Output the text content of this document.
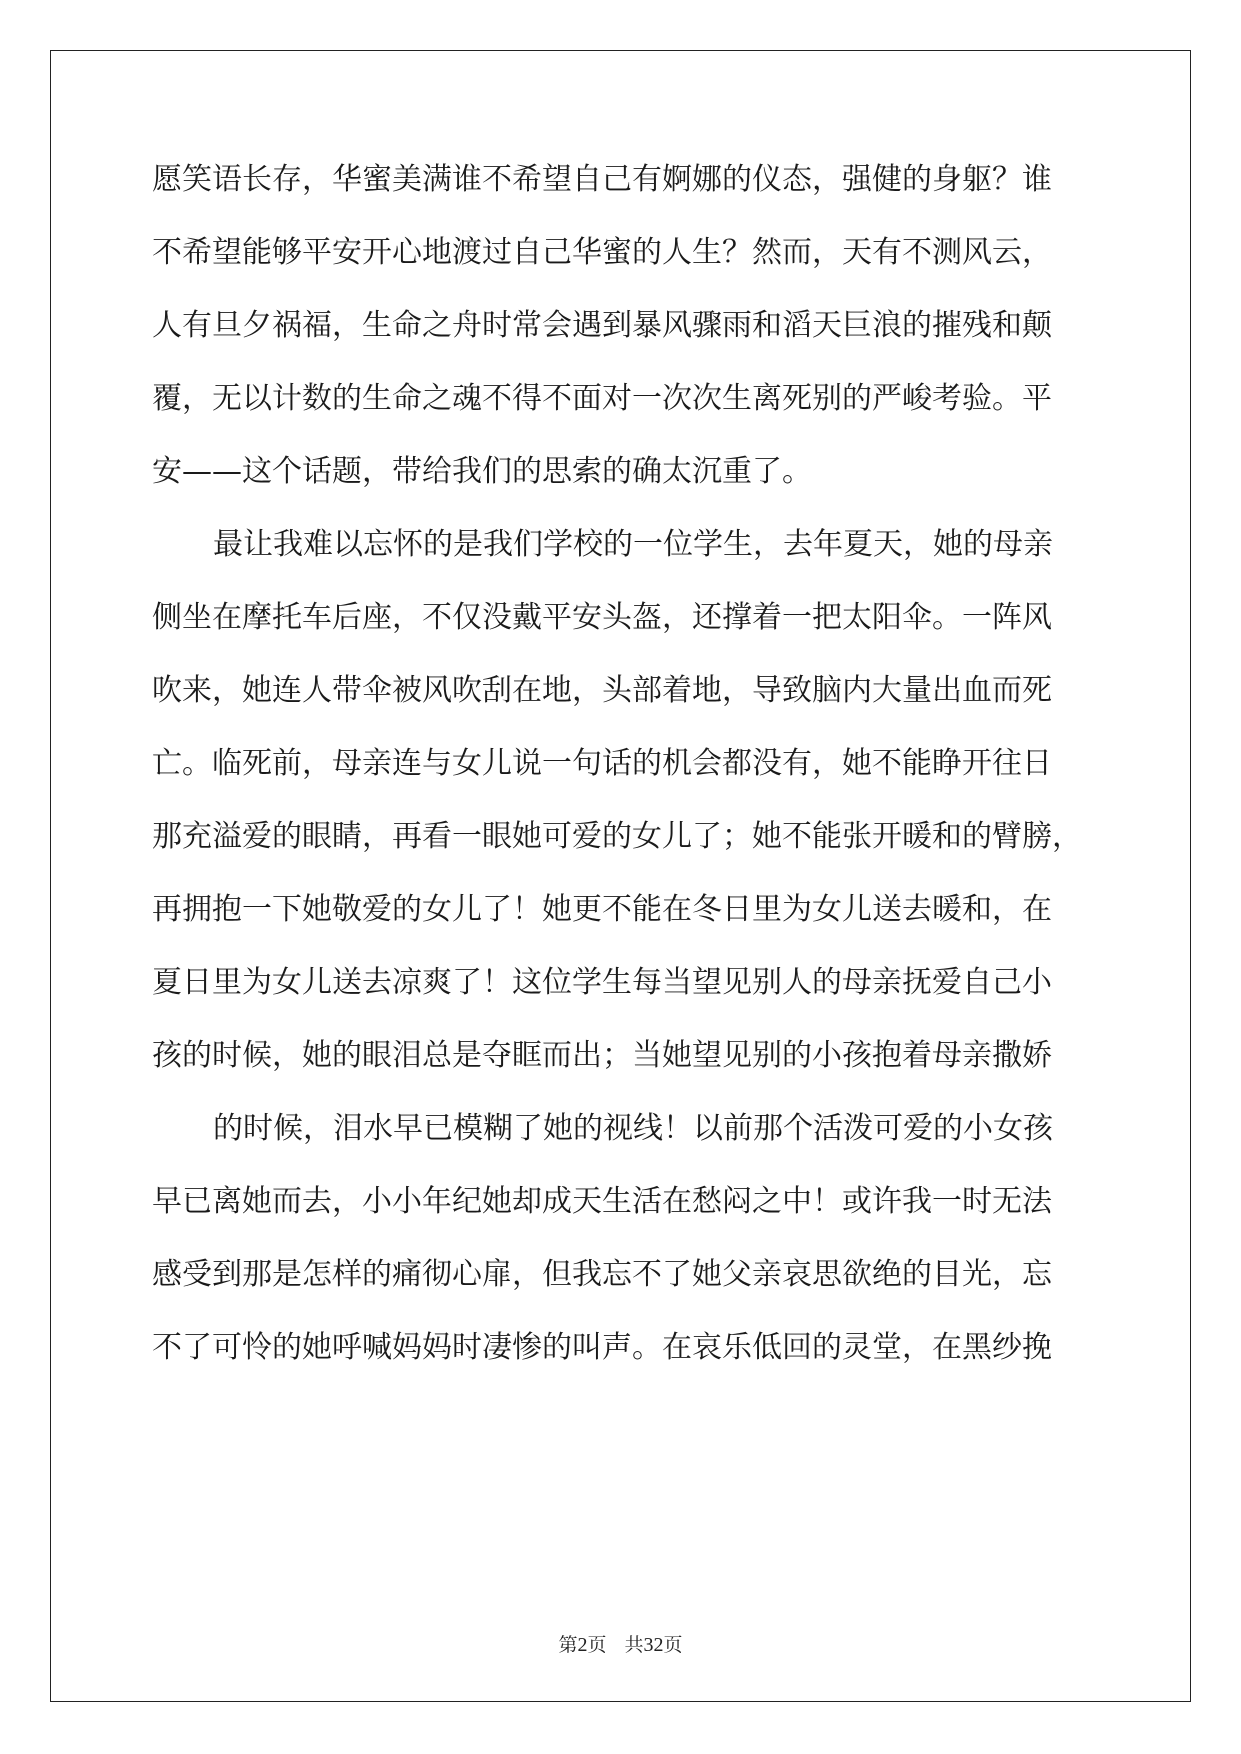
愿笑语长存，华蜜美满谁不希望自己有婀娜的仪态，强健的身躯？谁
不希望能够平安开心地渡过自己华蜜的人生？然而，天有不测风云，
人有旦夕祸福，生命之舟时常会遇到暴风骤雨和滔天巨浪的摧残和颠
覆，无以计数的生命之魂不得不面对一次次生离死别的严峻考验。平
安——这个话题，带给我们的思索的确太沉重了。
最让我难以忘怀的是我们学校的一位学生，去年夏天，她的母亲
侧坐在摩托车后座，不仅没戴平安头盔，还撑着一把太阳伞。一阵风
吹来，她连人带伞被风吹刮在地，头部着地，导致脑内大量出血而死
亡。临死前，母亲连与女儿说一句话的机会都没有，她不能睁开往日
那充溢爱的眼睛，再看一眼她可爱的女儿了；她不能张开暖和的臂膀，
再拥抱一下她敬爱的女儿了！她更不能在冬日里为女儿送去暖和，在
夏日里为女儿送去凉爽了！这位学生每当望见别人的母亲抚爱自己小
孩的时候，她的眼泪总是夺眶而出；当她望见别的小孩抱着母亲撒娇
的时候，泪水早已模糊了她的视线！以前那个活泼可爱的小女孩
早已离她而去，小小年纪她却成天生活在愁闷之中！或许我一时无法
感受到那是怎样的痛彻心扉，但我忘不了她父亲哀思欲绝的目光，忘
不了可怜的她呼喊妈妈时凄惨的叫声。在哀乐低回的灵堂，在黑纱挽
第2页 共32页
